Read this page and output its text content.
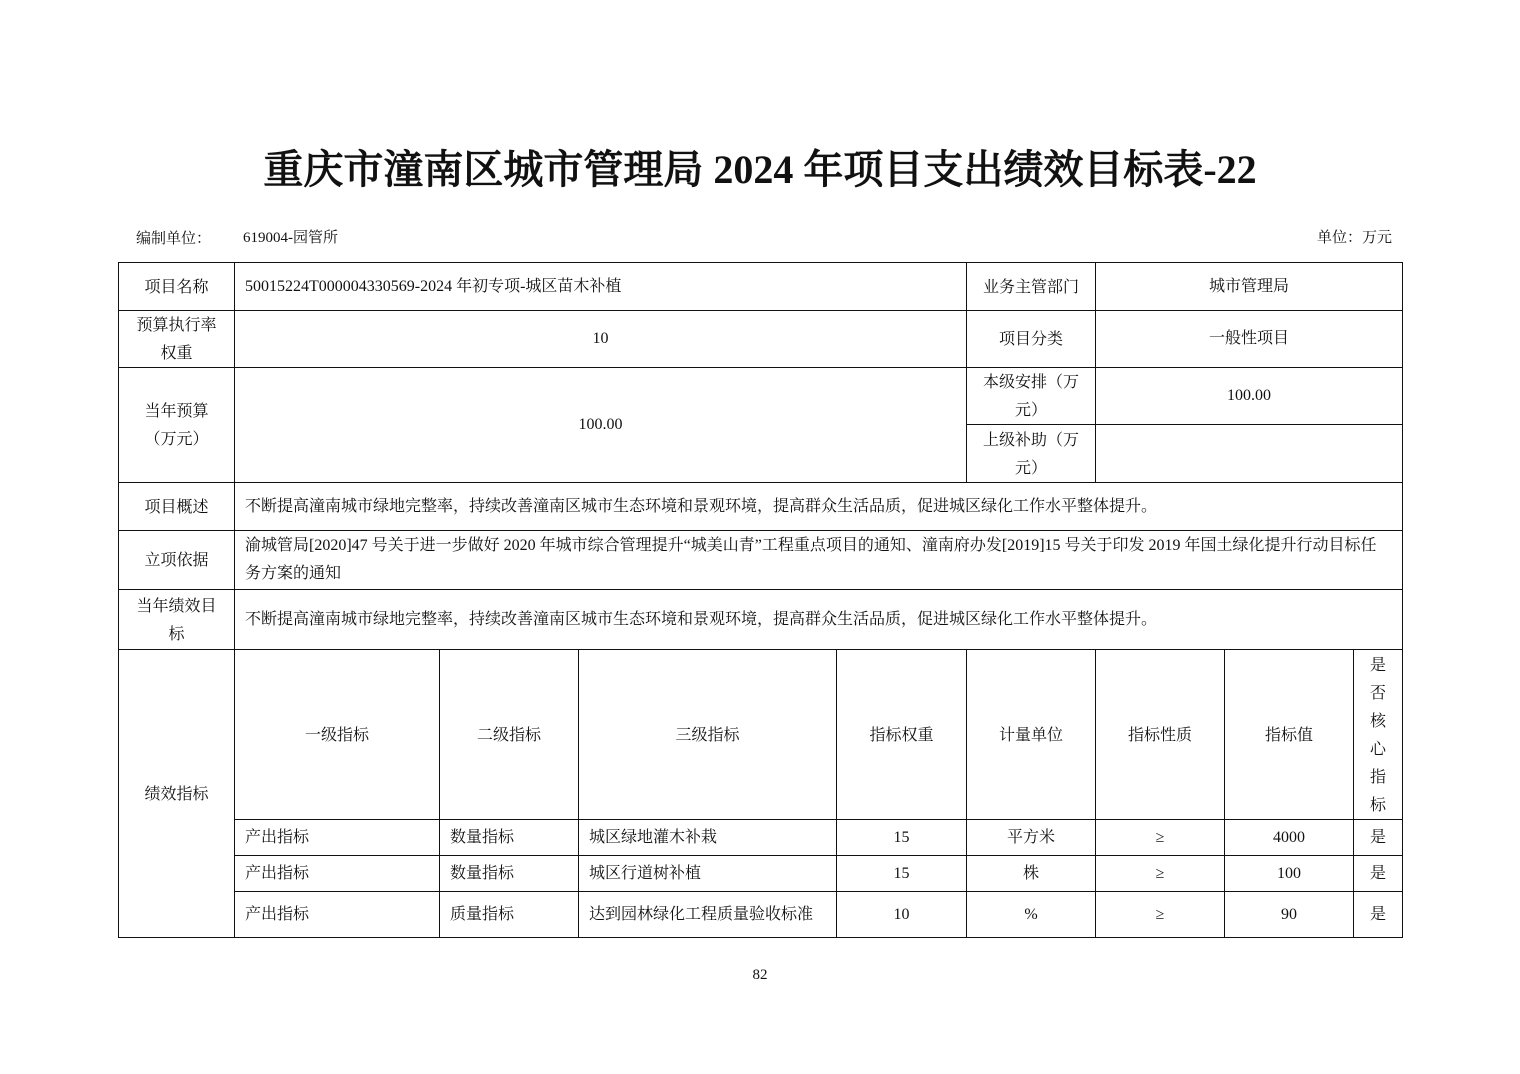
重庆市潼南区城市管理局 2024 年项目支出绩效目标表-22
编制单位： 619004-园管所	单位：万元
项目名称	50015224T000004330569-2024 年初专项-城区苗木补植				业务主管部门	城市管理局		
预算执行率权重	10				项目分类	一般性项目		
当年预算（万元）	100.00				本级安排（万元）	100.00		
					上级补助（万元）			
项目概述	不断提高潼南城市绿地完整率，持续改善潼南区城市生态环境和景观环境，提高群众生活品质，促进城区绿化工作水平整体提升。							
立项依据	渝城管局[2020]47 号关于进一步做好 2020 年城市综合管理提升“城美山青”工程重点项目的通知、潼南府办发[2019]15 号关于印发 2019 年国土绿化提升行动目标任务方案的通知							
当年绩效目标	不断提高潼南城市绿地完整率，持续改善潼南区城市生态环境和景观环境，提高群众生活品质，促进城区绿化工作水平整体提升。							
绩效指标	一级指标	二级指标	三级指标	指标权重	计量单位	指标性质	指标值	是否核心指标
	产出指标	数量指标	城区绿地灌木补栽	15	平方米	≥	4000	是
	产出指标	数量指标	城区行道树补植	15	株	≥	100	是
	产出指标	质量指标	达到园林绿化工程质量验收标准	10	%	≥	90	是
82
